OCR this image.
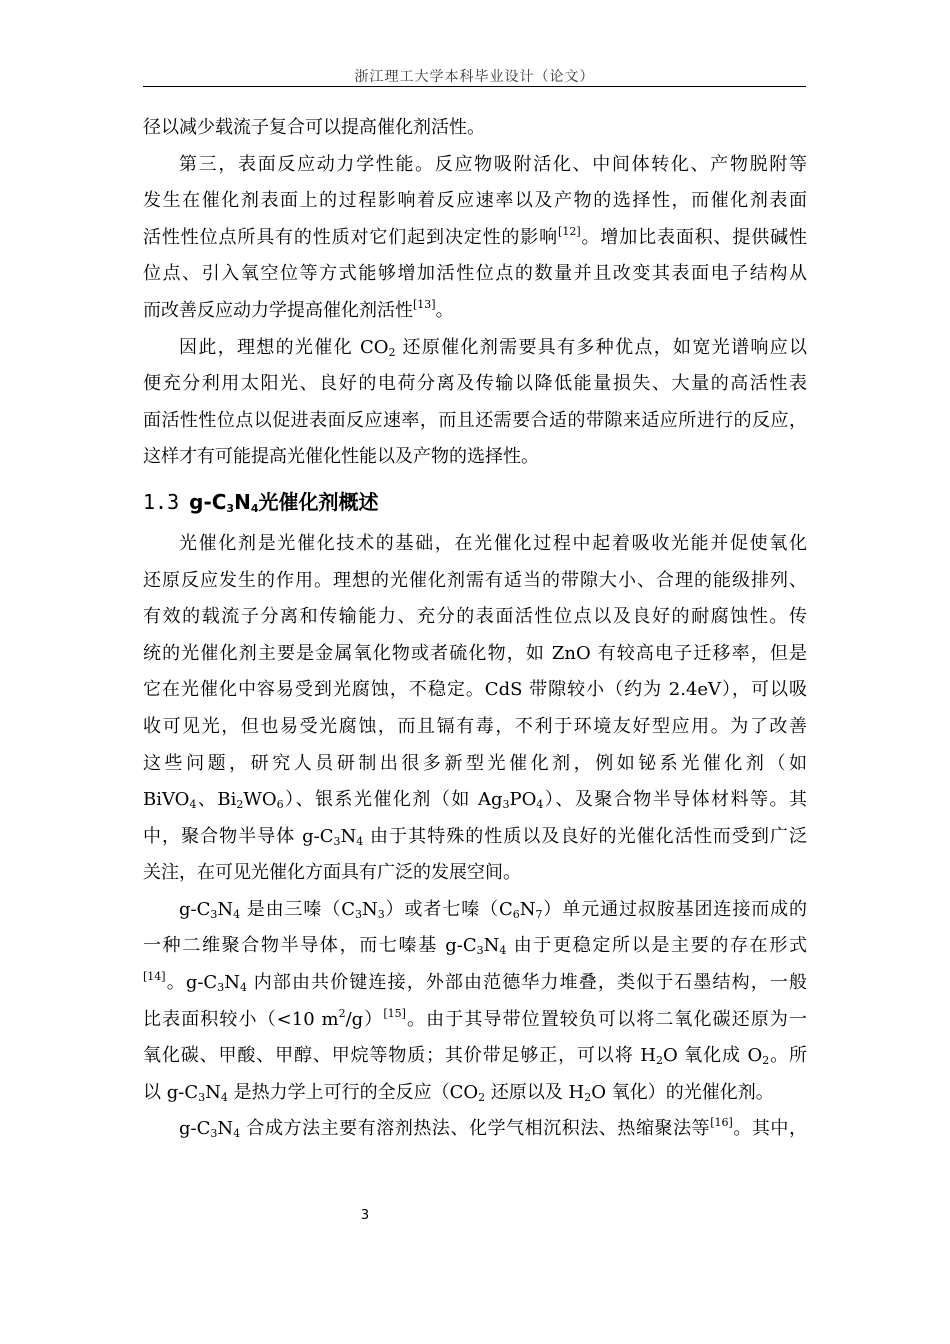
浙江理工大学本科毕业设计（论文）

径以减少载流子复合可以提高催化剂活性。

第三，表面反应动力学性能。反应物吸附活化、中间体转化、产物脱附等
发生在催化剂表面上的过程影响着反应速率以及产物的选择性，而催化剂表面
活性性位点所具有的性质对它们起到决定性的影响[12]。增加比表面积、提供碱性
位点、引入氧空位等方式能够增加活性位点的数量并且改变其表面电子结构从
而改善反应动力学提高催化剂活性[13]。

因此，理想的光催化 $CO_2$ 还原催化剂需要具有多种优点，如宽光谱响应以
便充分利用太阳光、良好的电荷分离及传输以降低能量损失、大量的高活性表
面活性性位点以促进表面反应速率，而且还需要合适的带隙来适应所进行的反应，
这样才有可能提高光催化性能以及产物的选择性。

1.3 $g-C_3N_4$光催化剂概述

光催化剂是光催化技术的基础，在光催化过程中起着吸收光能并促使氧化
还原反应发生的作用。理想的光催化剂需有适当的带隙大小、合理的能级排列、
有效的载流子分离和传输能力、充分的表面活性位点以及良好的耐腐蚀性。传
统的光催化剂主要是金属氧化物或者硫化物，如 ZnO 有较高电子迁移率，但是
它在光催化中容易受到光腐蚀，不稳定。CdS 带隙较小（约为 2.4eV），可以吸
收可见光，但也易受光腐蚀，而且镉有毒，不利于环境友好型应用。为了改善
这些问题，研究人员研制出很多新型光催化剂，例如铋系光催化剂（如
BiVO$_4$、$Bi_2WO_6$）、银系光催化剂（如 $Ag_3PO_4$）、及聚合物半导体材料等。其
中，聚合物半导体 $g-C_3N_4$ 由于其特殊的性质以及良好的光催化活性而受到广泛
关注，在可见光催化方面具有广泛的发展空间。

$g-C_3N_4$ 是由三嗪$(C_3N_3)$或者七嗪$(C_6N_7)$单元通过叔胺基团连接而成的
一种二维聚合物半导体，而七嗪基 $g-C_3N_4$ 由于更稳定所以是主要的存在形式
[14]。$g-C_3N_4$ 内部由共价键连接，外部由范德华力堆叠，类似于石墨结构，一般
比表面积较小（<10 $m^2/g)[15]$。由于其导带位置较负可以将二氧化碳还原为一
氧化碳、甲酸、甲醇、甲烷等物质；其价带足够正，可以将 $H_2O$ 氧化成 $O_2$。所
以 $g-C_3N_4$ 是热力学上可行的全反应（$CO_2$ 还原以及 $H_2O$ 氧化）的光催化剂。

$g-C_3N_4$ 合成方法主要有溶剂热法、化学气相沉积法、热缩聚法等[16]。其中，

3
